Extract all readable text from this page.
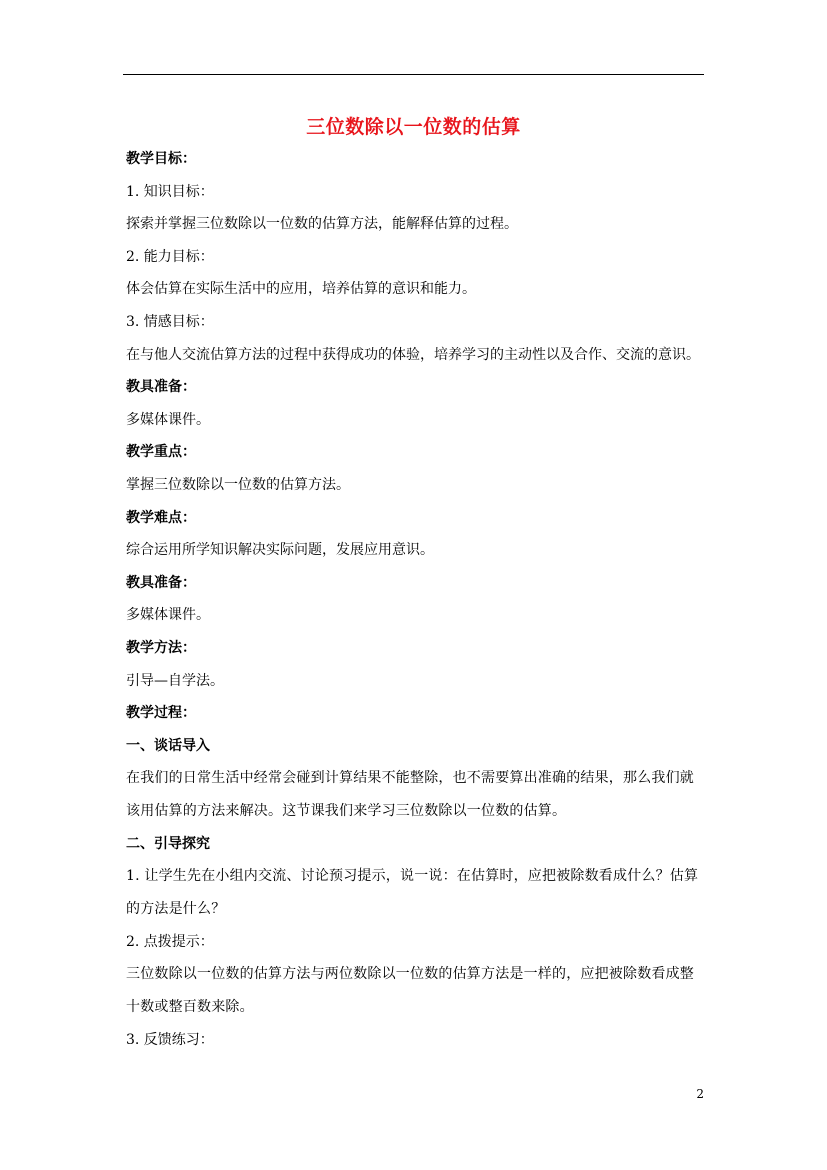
三位数除以一位数的估算
教学目标：
1. 知识目标：
探索并掌握三位数除以一位数的估算方法，能解释估算的过程。
2. 能力目标：
体会估算在实际生活中的应用，培养估算的意识和能力。
3. 情感目标：
在与他人交流估算方法的过程中获得成功的体验，培养学习的主动性以及合作、交流的意识。
教具准备：
多媒体课件。
教学重点：
掌握三位数除以一位数的估算方法。
教学难点：
综合运用所学知识解决实际问题，发展应用意识。
教具准备：
多媒体课件。
教学方法：
引导—自学法。
教学过程：
一、谈话导入
在我们的日常生活中经常会碰到计算结果不能整除，也不需要算出准确的结果，那么我们就该用估算的方法来解决。这节课我们来学习三位数除以一位数的估算。
二、引导探究
1. 让学生先在小组内交流、讨论预习提示，说一说：在估算时，应把被除数看成什么？估算的方法是什么？
2. 点拨提示：
三位数除以一位数的估算方法与两位数除以一位数的估算方法是一样的，应把被除数看成整十数或整百数来除。
3. 反馈练习：
2
